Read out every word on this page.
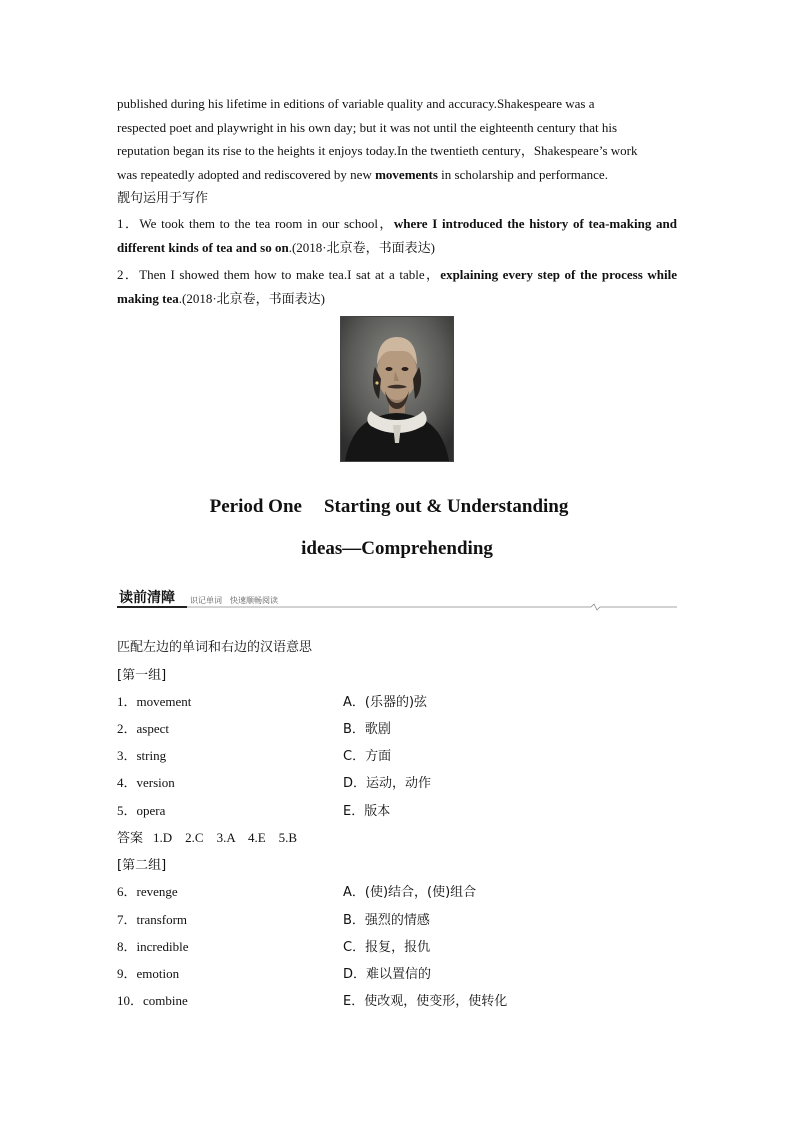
published during his lifetime in editions of variable quality and accuracy.Shakespeare was a
respected poet and playwright in his own day; but it was not until the eighteenth century that his
reputation began its rise to the heights it enjoys today.In the twentieth century，Shakespeare’s work
was repeatedly adopted and rediscovered by new movements in scholarship and performance.
靓句运用于写作
1．We took them to the tea room in our school，where I introduced the history of tea-making and different kinds of tea and so on.(2018·北京卷，书面表达)
2．Then I showed them how to make tea.I sat at a table，explaining every step of the process while making tea.(2018·北京卷，书面表达)
Period One Starting out & Understanding
ideas—Comprehending
读前清障 识记单词 快速顺畅阅读
匹配左边的单词和右边的汉语意思
[第一组]
1．movement	A．(乐器的)弦
2．aspect	B．歌剧
3．string	C．方面
4．version	D．运动，动作
5．opera	E．版本
答案 1.D　2.C　3.A　4.E　5.B
[第二组]
6．revenge	A．(使)结合，(使)组合
7．transform	B．强烈的情感
8．incredible	C．报复，报仇
9．emotion	D．难以置信的
10．combine	E．使改观，使变形，使转化
